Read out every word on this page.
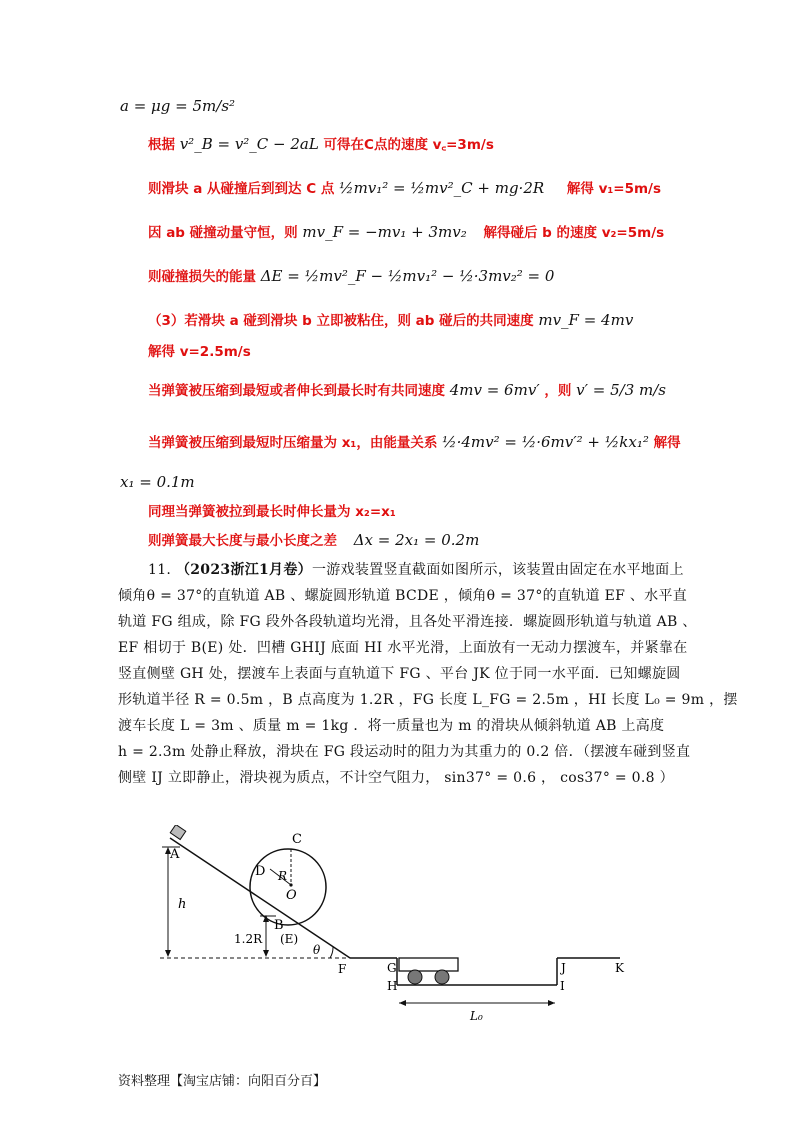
a = μg = 5m/s²
根据 v²_B = v²_C − 2aL 可得在C点的速度 v꜀=3m/s
则滑块 a 从碰撞后到到达 C 点 ½mv₁² = ½mv²_C + mg·2R 解得 v₁=5m/s
因 ab 碰撞动量守恒，则 mv_F = −mv₁ + 3mv₂ 解得碰后 b 的速度 v₂=5m/s
则碰撞损失的能量 ΔE = ½mv²_F − ½mv₁² − ½·3mv₂² = 0
（3）若滑块 a 碰到滑块 b 立即被粘住，则 ab 碰后的共同速度 mv_F = 4mv
解得 v=2.5m/s
当弹簧被压缩到最短或者伸长到最长时有共同速度 4mv = 6mv′ ，则 v′ = 5/3 m/s
当弹簧被压缩到最短时压缩量为 x₁，由能量关系 ½·4mv² = ½·6mv′² + ½kx₁² 解得
x₁ = 0.1m
同理当弹簧被拉到最长时伸长量为 x₂=x₁
则弹簧最大长度与最小长度之差 Δx = 2x₁ = 0.2m
11. （2023浙江1月卷）一游戏装置竖直截面如图所示，该装置由固定在水平地面上
倾角θ = 37°的直轨道 AB 、螺旋圆形轨道 BCDE ，倾角θ = 37°的直轨道 EF 、水平直
轨道 FG 组成，除 FG 段外各段轨道均光滑，且各处平滑连接．螺旋圆形轨道与轨道 AB 、
EF 相切于 B(E) 处．凹槽 GHIJ 底面 HI 水平光滑，上面放有一无动力摆渡车，并紧靠在
竖直侧壁 GH 处，摆渡车上表面与直轨道下 FG 、平台 JK 位于同一水平面．已知螺旋圆
形轨道半径 R = 0.5m ，B 点高度为 1.2R ，FG 长度 L_FG = 2.5m ，HI 长度 L₀ = 9m ，摆
渡车长度 L = 3m 、质量 m = 1kg ．将一质量也为 m 的滑块从倾斜轨道 AB 上高度
h = 2.3m 处静止释放，滑块在 FG 段运动时的阻力为其重力的 0.2 倍．（摆渡车碰到竖直
侧壁 IJ 立即静止，滑块视为质点，不计空气阻力， sin37° = 0.6 ， cos37° = 0.8 ）
A
C
D R
O
h
B
1.2R (E)
θ
F	G
H	I
J	K
L₀
资料整理【淘宝店铺：向阳百分百】
